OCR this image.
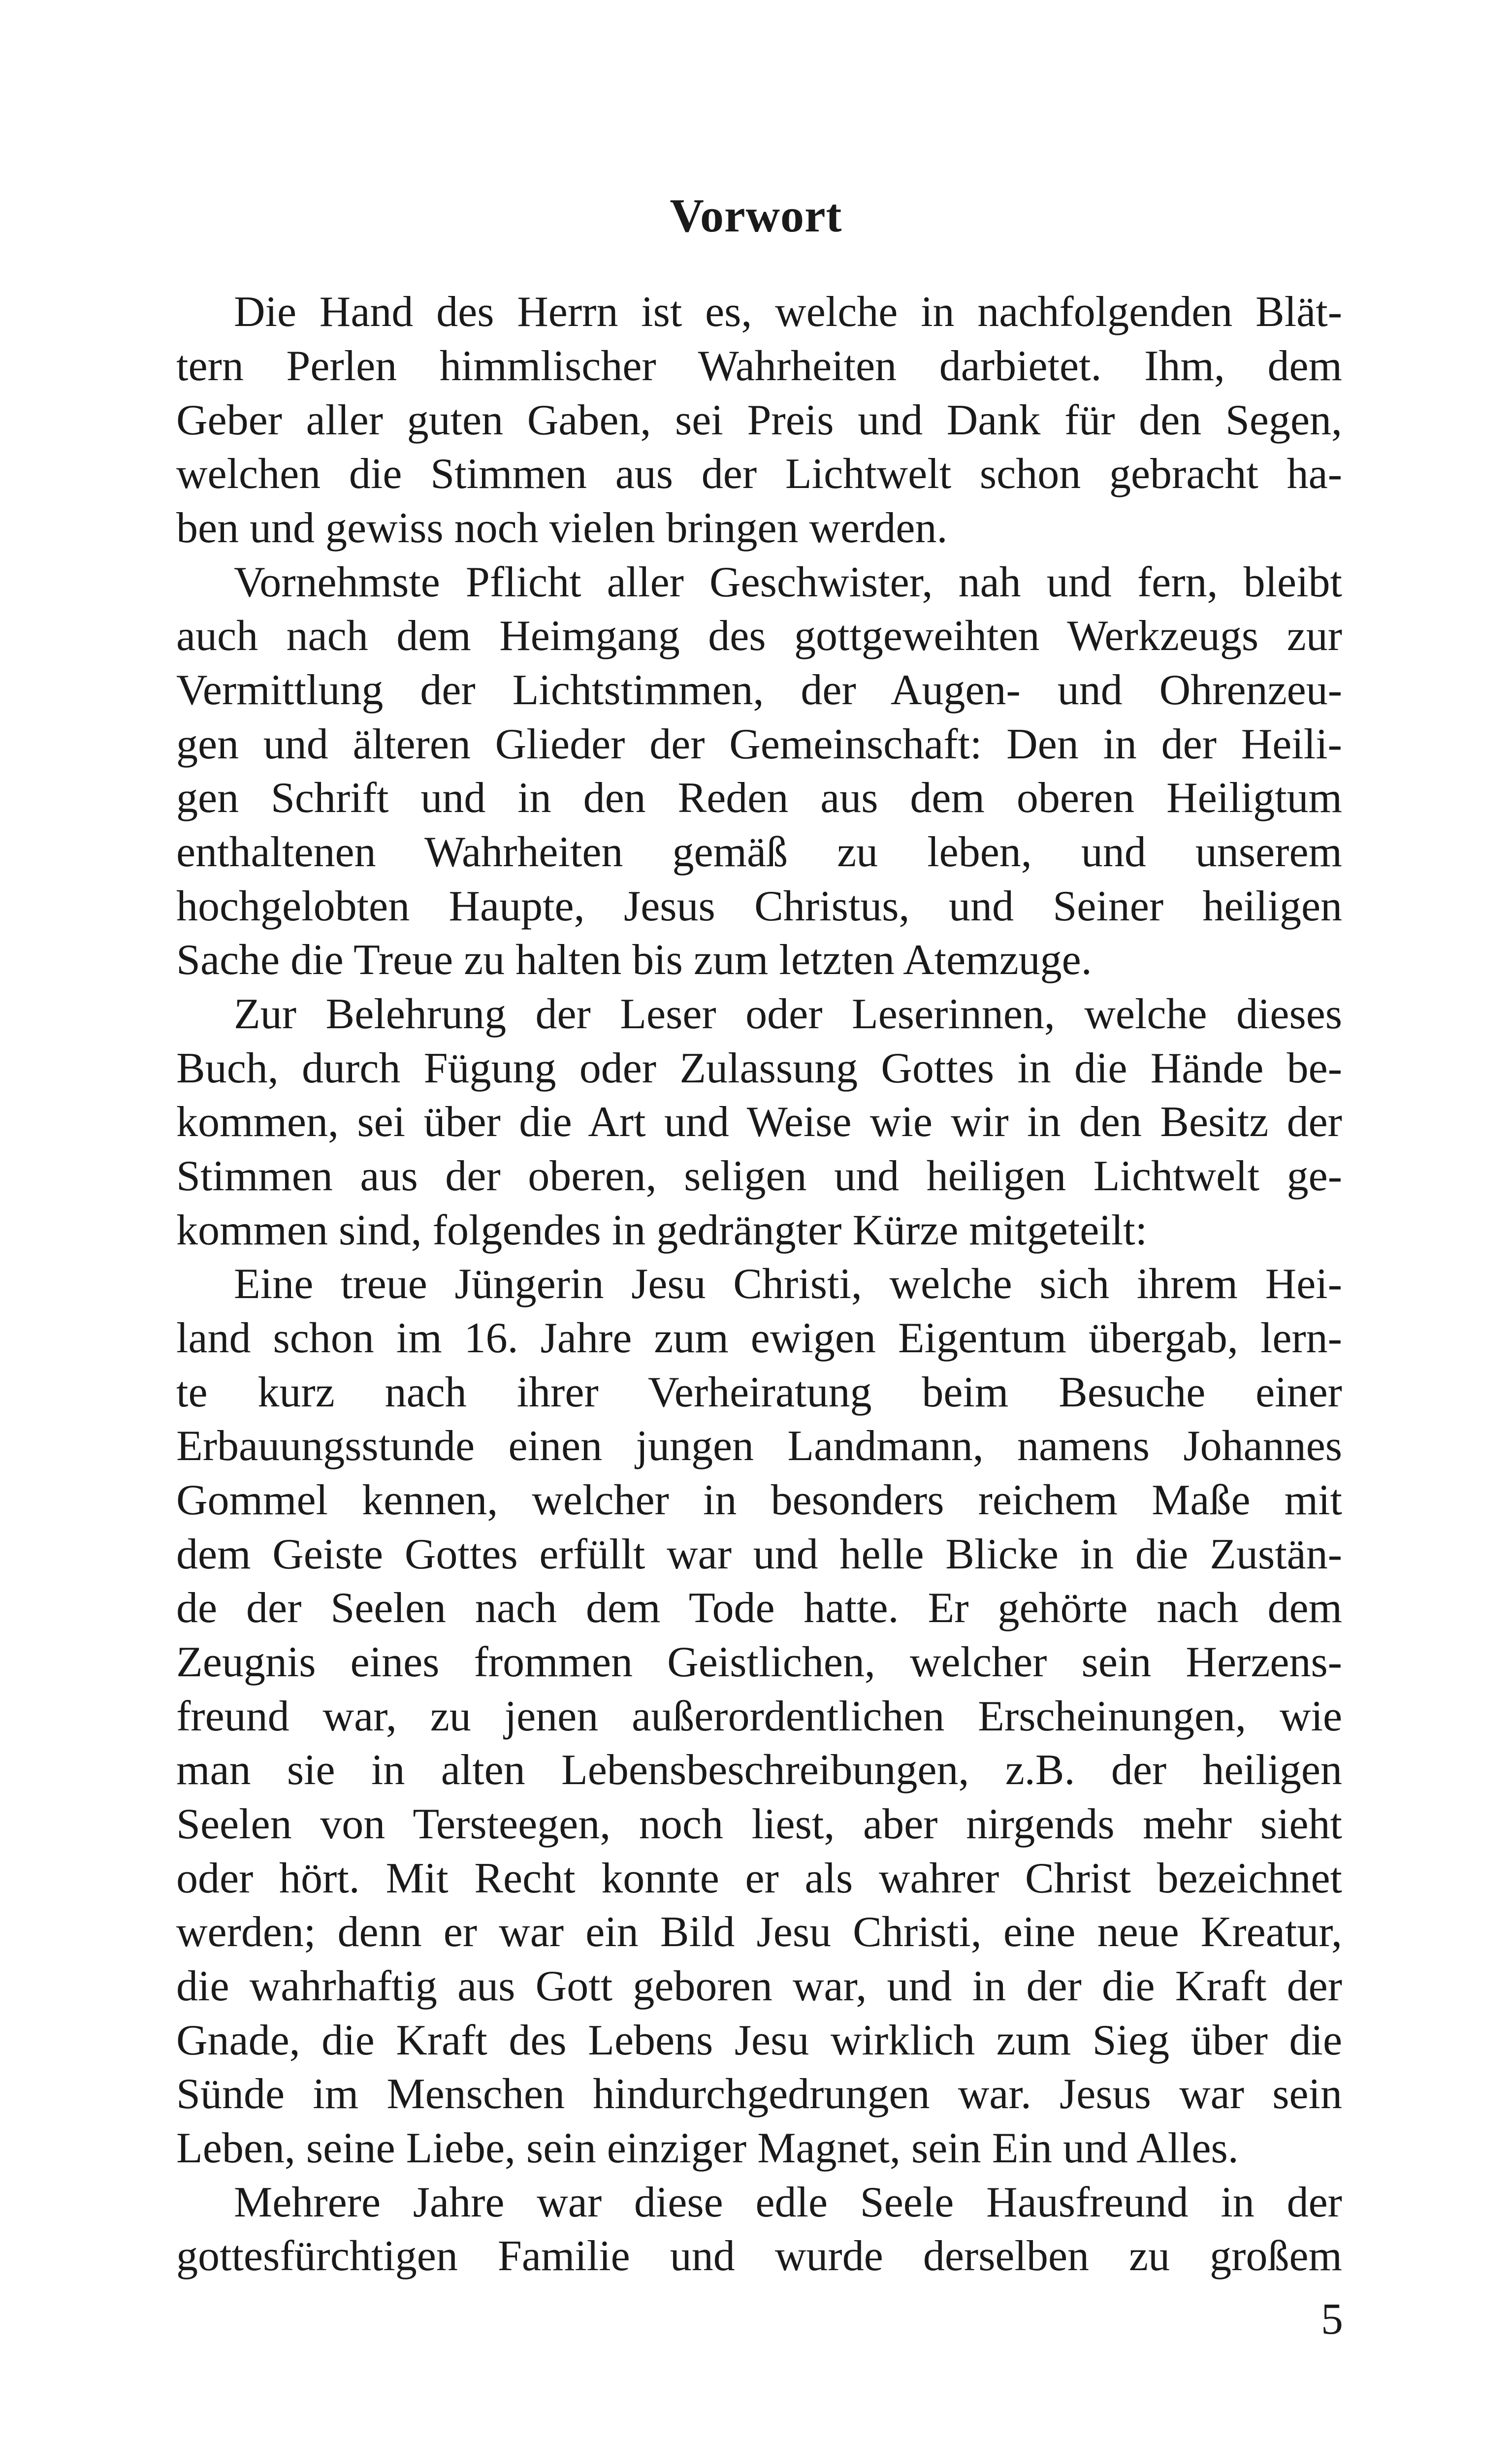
Vorwort
Die Hand des Herrn ist es, welche in nachfolgenden Blät-
tern Perlen himmlischer Wahrheiten darbietet. Ihm, dem
Geber aller guten Gaben, sei Preis und Dank für den Segen,
welchen die Stimmen aus der Lichtwelt schon gebracht ha-
ben und gewiss noch vielen bringen werden.
Vornehmste Pflicht aller Geschwister, nah und fern, bleibt
auch nach dem Heimgang des gottgeweihten Werkzeugs zur
Vermittlung der Lichtstimmen, der Augen- und Ohrenzeu-
gen und älteren Glieder der Gemeinschaft: Den in der Heili-
gen Schrift und in den Reden aus dem oberen Heiligtum
enthaltenen Wahrheiten gemäß zu leben, und unserem
hochgelobten Haupte, Jesus Christus, und Seiner heiligen
Sache die Treue zu halten bis zum letzten Atemzuge.
Zur Belehrung der Leser oder Leserinnen, welche dieses
Buch, durch Fügung oder Zulassung Gottes in die Hände be-
kommen, sei über die Art und Weise wie wir in den Besitz der
Stimmen aus der oberen, seligen und heiligen Lichtwelt ge-
kommen sind, folgendes in gedrängter Kürze mitgeteilt:
Eine treue Jüngerin Jesu Christi, welche sich ihrem Hei-
land schon im 16. Jahre zum ewigen Eigentum übergab, lern-
te kurz nach ihrer Verheiratung beim Besuche einer
Erbauungsstunde einen jungen Landmann, namens Johannes
Gommel kennen, welcher in besonders reichem Maße mit
dem Geiste Gottes erfüllt war und helle Blicke in die Zustän-
de der Seelen nach dem Tode hatte. Er gehörte nach dem
Zeugnis eines frommen Geistlichen, welcher sein Herzens-
freund war, zu jenen außerordentlichen Erscheinungen, wie
man sie in alten Lebensbeschreibungen, z.B. der heiligen
Seelen von Tersteegen, noch liest, aber nirgends mehr sieht
oder hört. Mit Recht konnte er als wahrer Christ bezeichnet
werden; denn er war ein Bild Jesu Christi, eine neue Kreatur,
die wahrhaftig aus Gott geboren war, und in der die Kraft der
Gnade, die Kraft des Lebens Jesu wirklich zum Sieg über die
Sünde im Menschen hindurchgedrungen war. Jesus war sein
Leben, seine Liebe, sein einziger Magnet, sein Ein und Alles.
Mehrere Jahre war diese edle Seele Hausfreund in der
gottesfürchtigen Familie und wurde derselben zu großem
5
